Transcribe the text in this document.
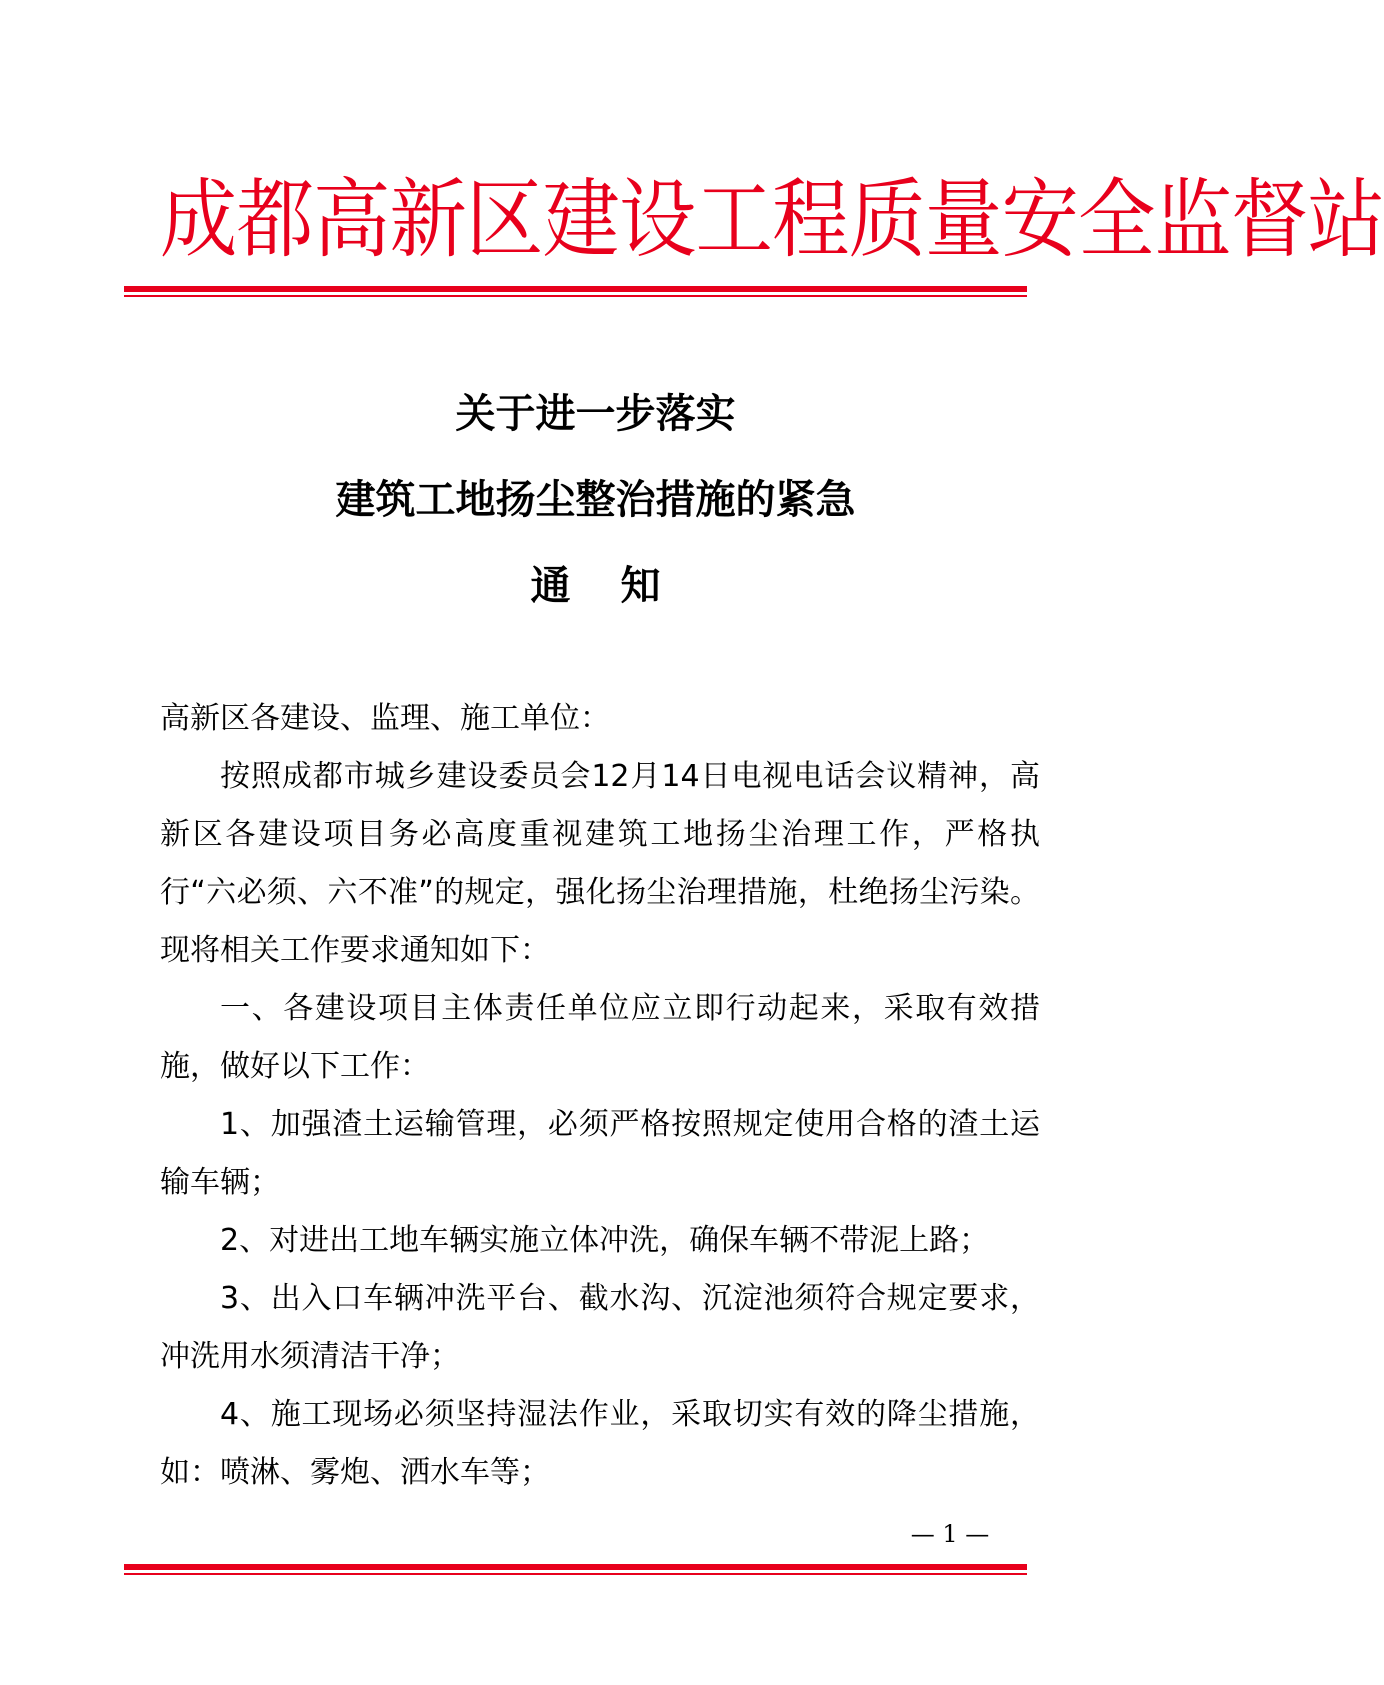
成都高新区建设工程质量安全监督站
关于进一步落实
建筑工地扬尘整治措施的紧急
通知

高新区各建设、监理、施工单位：

按照成都市城乡建设委员会12月14日电视电话会议精神，高新区各建设项目务必高度重视建筑工地扬尘治理工作，严格执行“六必须、六不准”的规定，强化扬尘治理措施，杜绝扬尘污染。现将相关工作要求通知如下：

一、各建设项目主体责任单位应立即行动起来，采取有效措施，做好以下工作：

1、加强渣土运输管理，必须严格按照规定使用合格的渣土运输车辆；

2、对进出工地车辆实施立体冲洗，确保车辆不带泥上路；

3、出入口车辆冲洗平台、截水沟、沉淀池须符合规定要求，冲洗用水须清洁干净；

4、施工现场必须坚持湿法作业，采取切实有效的降尘措施，如：喷淋、雾炮、洒水车等；

— 1 —
